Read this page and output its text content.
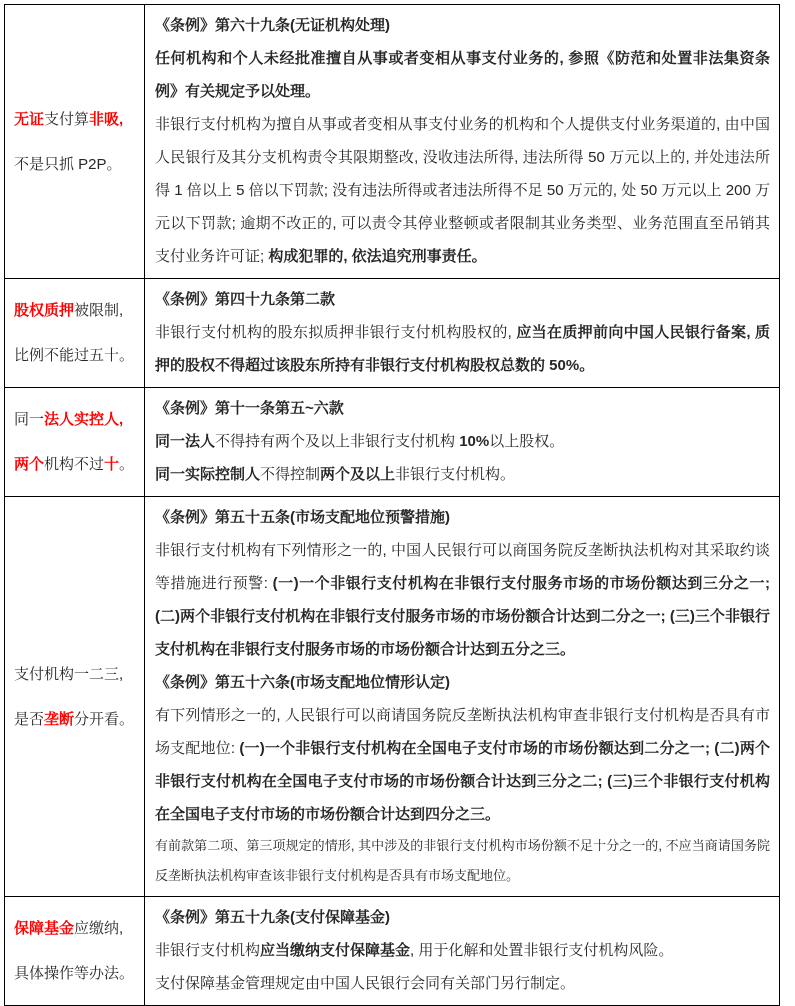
无证支付算非吸,
不是只抓 P2P。

《条例》第六十九条(无证机构处理)

任何机构和个人未经批准擅自从事或者变相从事支付业务的, 参照《防范和处置非法集资条例》有关规定予以处理。

非银行支付机构为擅自从事或者变相从事支付业务的机构和个人提供支付业务渠道的, 由中国人民银行及其分支机构责令其限期整改, 没收违法所得, 违法所得 50 万元以上的, 并处违法所得 1 倍以上 5 倍以下罚款; 没有违法所得或者违法所得不足 50 万元的, 处 50 万元以上 200 万元以下罚款; 逾期不改正的, 可以责令其停业整顿或者限制其业务类型、业务范围直至吊销其支付业务许可证; 构成犯罪的, 依法追究刑事责任。

股权质押被限制,
比例不能过五十。

《条例》第四十九条第二款

非银行支付机构的股东拟质押非银行支付机构股权的, 应当在质押前向中国人民银行备案, 质押的股权不得超过该股东所持有非银行支付机构股权总数的 50%。

同一法人实控人,
两个机构不过十。

《条例》第十一条第五~六款

同一法人不得持有两个及以上非银行支付机构 10%以上股权。

同一实际控制人不得控制两个及以上非银行支付机构。

支付机构一二三,
是否垄断分开看。

《条例》第五十五条(市场支配地位预警措施)

非银行支付机构有下列情形之一的, 中国人民银行可以商国务院反垄断执法机构对其采取约谈等措施进行预警: (一)一个非银行支付机构在非银行支付服务市场的市场份额达到三分之一; (二)两个非银行支付机构在非银行支付服务市场的市场份额合计达到二分之一; (三)三个非银行支付机构在非银行支付服务市场的市场份额合计达到五分之三。

《条例》第五十六条(市场支配地位情形认定)

有下列情形之一的, 人民银行可以商请国务院反垄断执法机构审查非银行支付机构是否具有市场支配地位: (一)一个非银行支付机构在全国电子支付市场的市场份额达到二分之一; (二)两个非银行支付机构在全国电子支付市场的市场份额合计达到三分之二; (三)三个非银行支付机构在全国电子支付市场的市场份额合计达到四分之三。

有前款第二项、第三项规定的情形, 其中涉及的非银行支付机构市场份额不足十分之一的, 不应当商请国务院反垄断执法机构审查该非银行支付机构是否具有市场支配地位。

保障基金应缴纳,
具体操作等办法。

《条例》第五十九条(支付保障基金)

非银行支付机构应当缴纳支付保障基金, 用于化解和处置非银行支付机构风险。

支付保障基金管理规定由中国人民银行会同有关部门另行制定。
